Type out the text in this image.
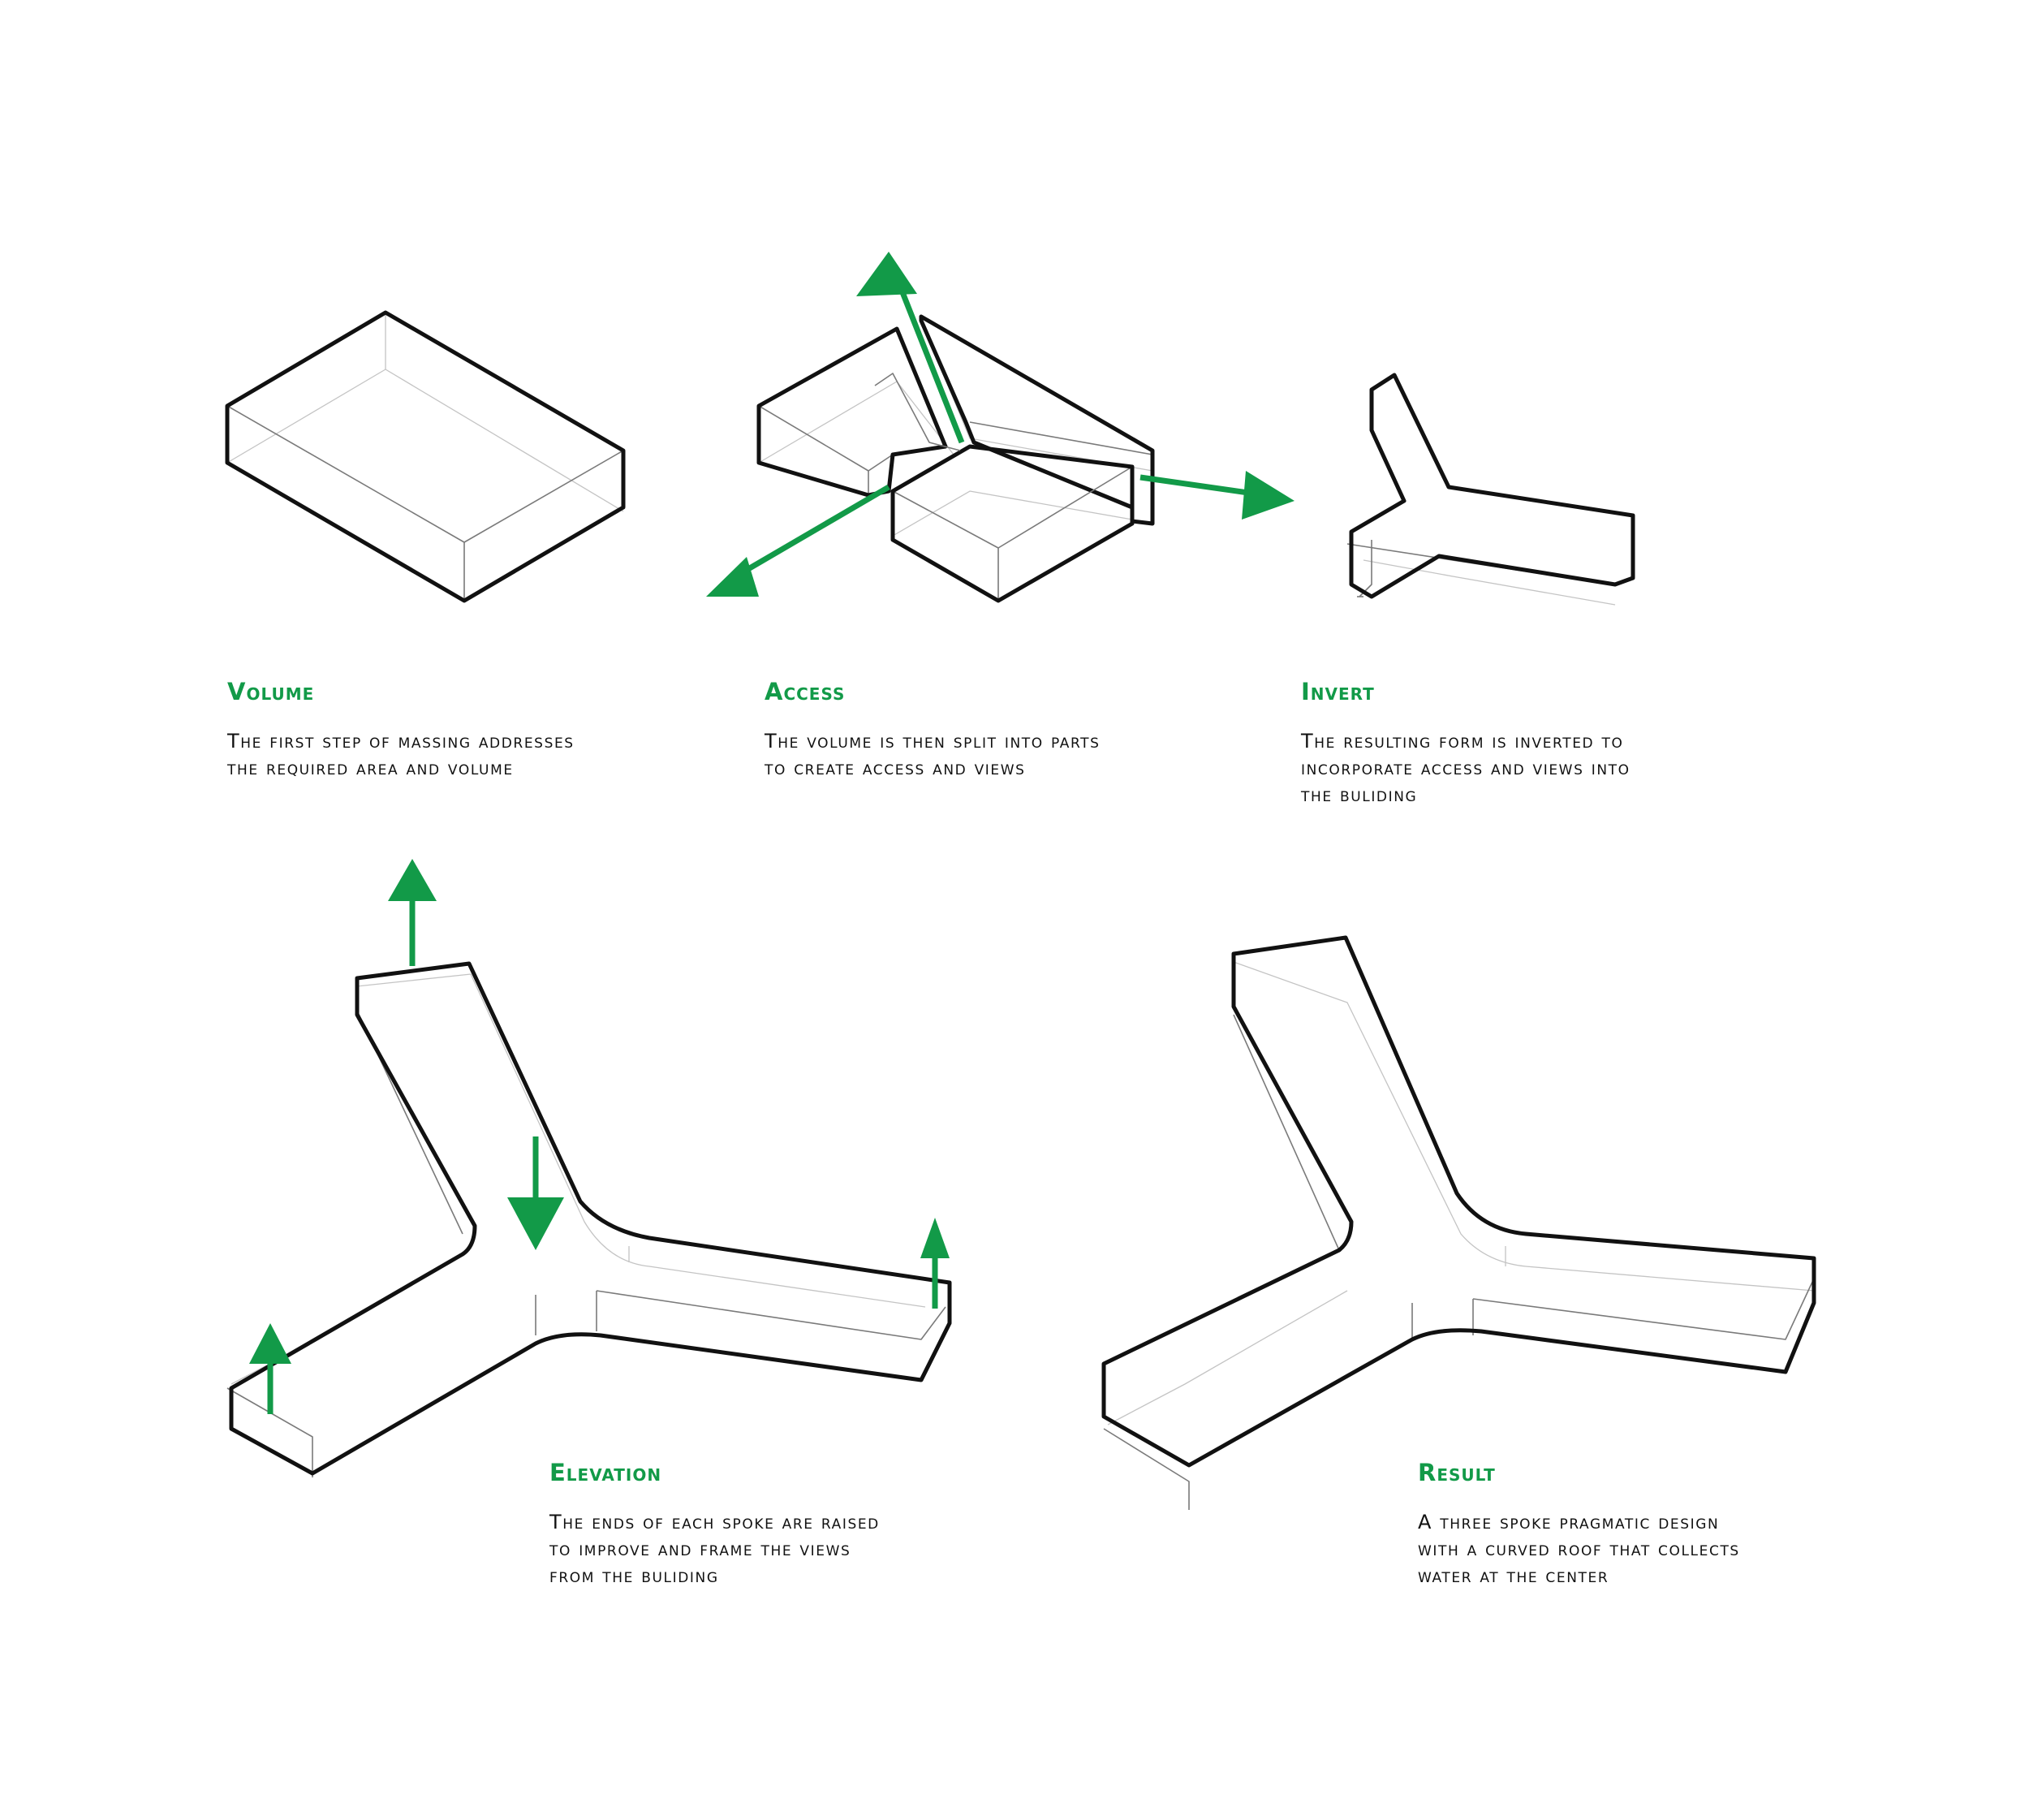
Volume

The first step of massing addresses
the required area and volume

Access

The volume is then split into parts
to create access and views

Invert

The resulting form is inverted to
incorporate access and views into
the buliding

Elevation

The ends of each spoke are raised
to improve and frame the views
from the buliding

Result

A three spoke pragmatic design
with a curved roof that collects
water at the center
